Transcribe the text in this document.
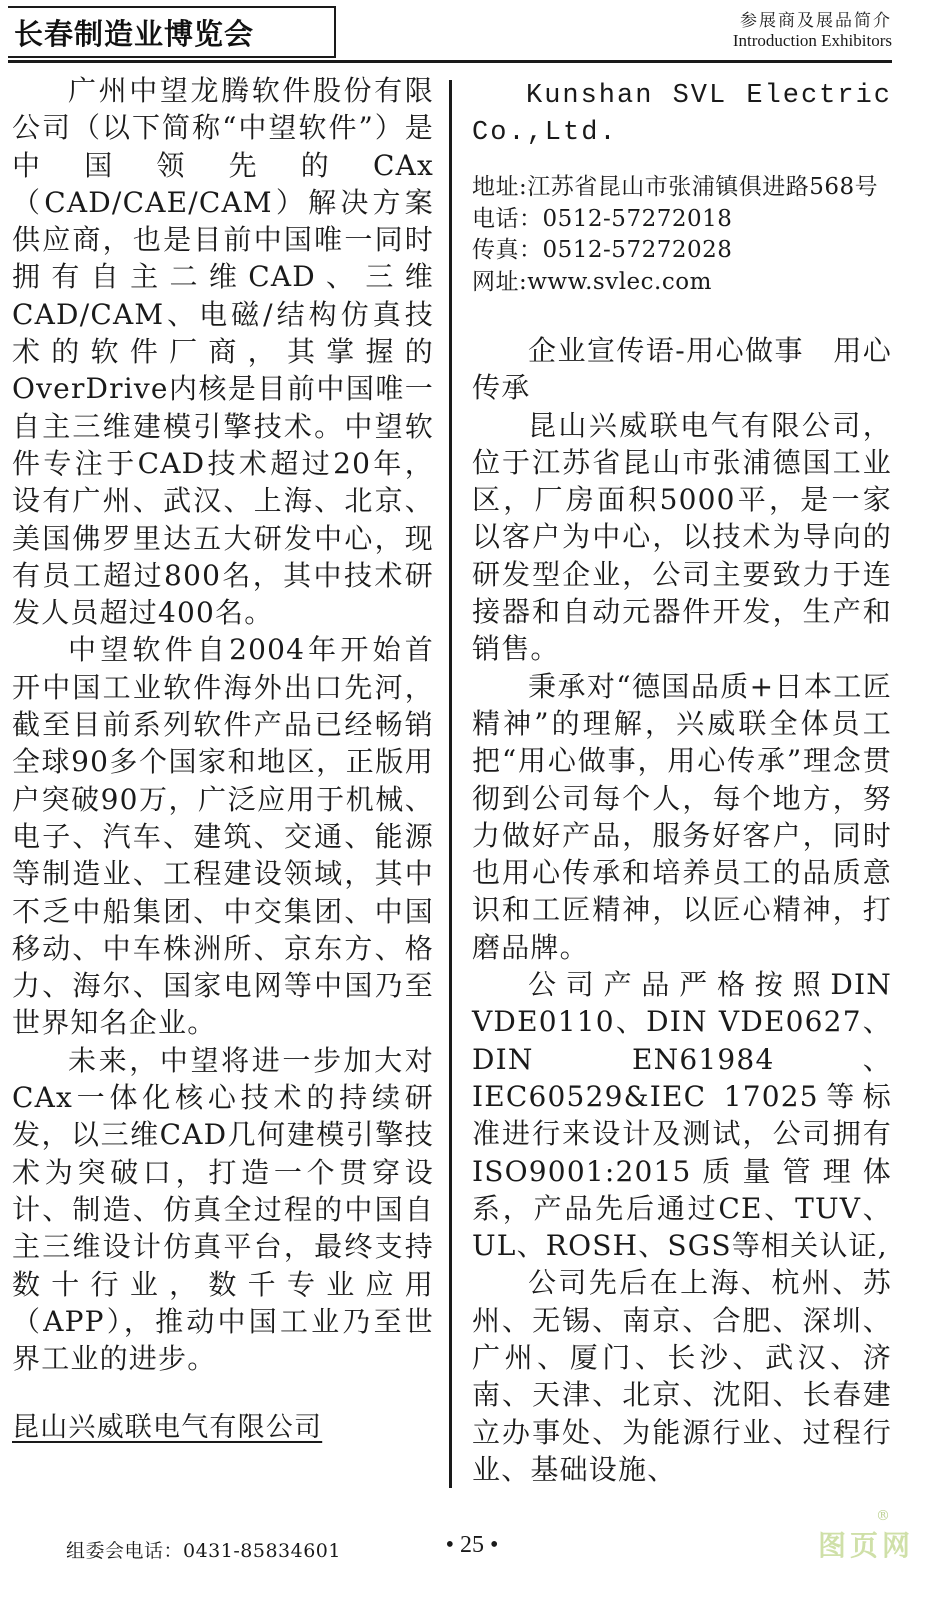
长春制造业博览会	参展商及展品简介
Introduction Exhibitors

广州中望龙腾软件股份有限公司（以下简称“中望软件”）是中国领先的CAx（CAD/CAE/CAM）解决方案供应商，也是目前中国唯一同时拥有自主二维CAD、三维CAD/CAM、电磁/结构仿真技术的软件厂商，其掌握的OverDrive内核是目前中国唯一自主三维建模引擎技术。中望软件专注于CAD技术超过20年，设有广州、武汉、上海、北京、美国佛罗里达五大研发中心，现有员工超过800名，其中技术研发人员超过400名。

中望软件自2004年开始首开中国工业软件海外出口先河，截至目前系列软件产品已经畅销全球90多个国家和地区，正版用户突破90万，广泛应用于机械、电子、汽车、建筑、交通、能源等制造业、工程建设领域，其中不乏中船集团、中交集团、中国移动、中车株洲所、京东方、格力、海尔、国家电网等中国乃至世界知名企业。

未来，中望将进一步加大对CAx一体化核心技术的持续研发，以三维CAD几何建模引擎技术为突破口，打造一个贯穿设计、制造、仿真全过程的中国自主三维设计仿真平台，最终支持数十行业，数千专业应用（APP），推动中国工业乃至世界工业的进步。

昆山兴威联电气有限公司

Kunshan SVL Electric Co.,Ltd.

地址:江苏省昆山市张浦镇俱进路568号
电话：0512-57272018
传真：0512-57272028
网址:www.svlec.com

企业宣传语-用心做事　用心传承

昆山兴威联电气有限公司，位于江苏省昆山市张浦德国工业区，厂房面积5000平，是一家以客户为中心，以技术为导向的研发型企业，公司主要致力于连接器和自动元器件开发，生产和销售。

秉承对“德国品质+日本工匠精神”的理解，兴威联全体员工把“用心做事，用心传承”理念贯彻到公司每个人，每个地方，努力做好产品，服务好客户，同时也用心传承和培养员工的品质意识和工匠精神，以匠心精神，打磨品牌。

公司产品严格按照DIN VDE0110、DIN VDE0627、DIN EN61984、IEC60529&IEC 17025等标准进行来设计及测试，公司拥有ISO9001:2015质量管理体系，产品先后通过CE、TUV、UL、ROSH、SGS等相关认证,

公司先后在上海、杭州、苏州、无锡、南京、合肥、深圳、广州、厦门、长沙、武汉、济南、天津、北京、沈阳、长春建立办事处、为能源行业、过程行业、基础设施、

组委会电话：0431-85834601	• 25 •
®
图页网
